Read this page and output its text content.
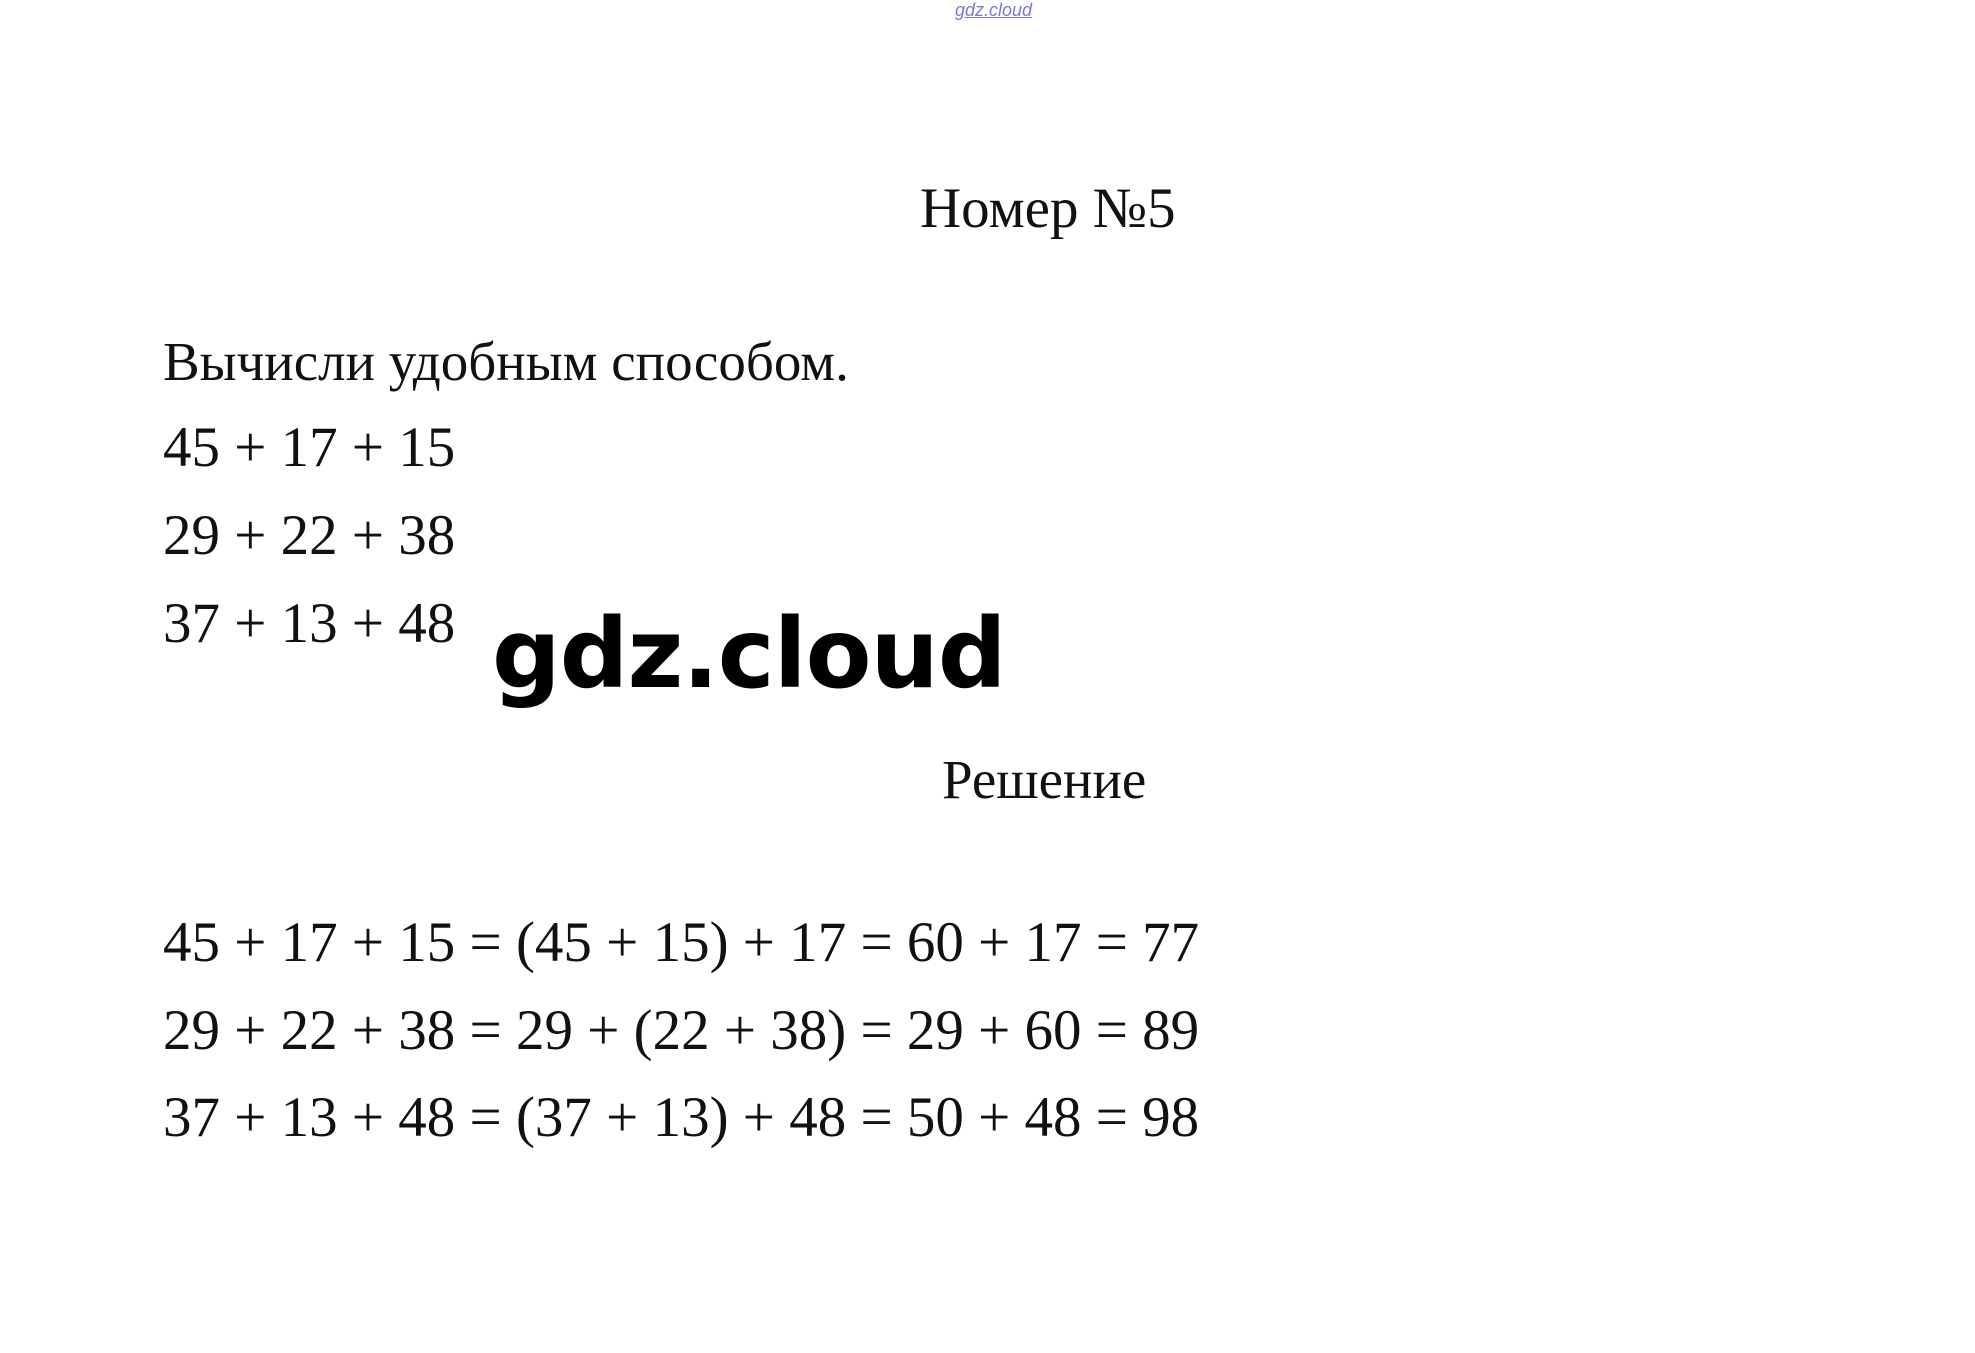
gdz.cloud
Номер №5
Вычисли удобным способом.
45 + 17 + 15
29 + 22 + 38
37 + 13 + 48 gdz.cloud
Решение
45 + 17 + 15 = (45 + 15) + 17 = 60 + 17 = 77
29 + 22 + 38 = 29 + (22 + 38) = 29 + 60 = 89
37 + 13 + 48 = (37 + 13) + 48 = 50 + 48 = 98
